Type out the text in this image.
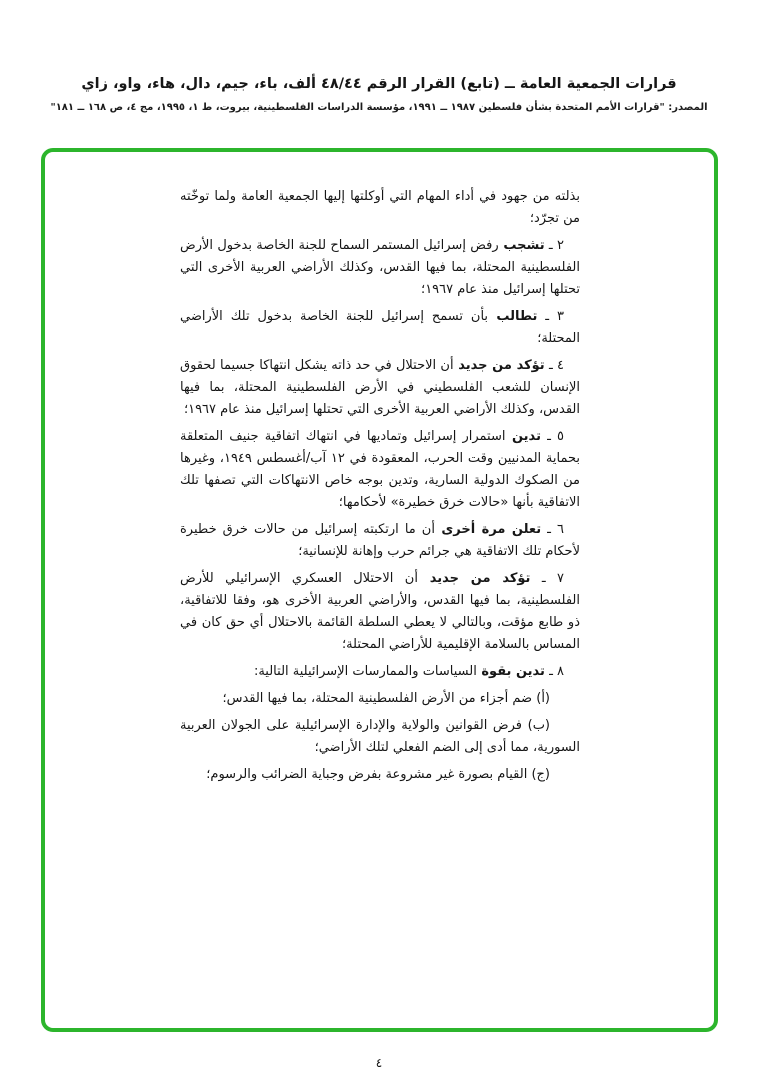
قرارات الجمعية العامة ــ (تابع) القرار الرقم ٤٨/٤٤ ألف، باء، جيم، دال، هاء، واو، زاي
المصدر: "قرارات الأمم المتحدة بشأن فلسطين ١٩٨٧ ــ ١٩٩١، مؤسسة الدراسات الفلسطينية، بيروت، ط ١، ١٩٩٥، مج ٤، ص ١٦٨ ــ ١٨١"

بذلته من جهود في أداء المهام التي أوكلتها إليها الجمعية العامة ولما توخّته من تجرّد؛

٢ ـ تشجب رفض إسرائيل المستمر السماح للجنة الخاصة بدخول الأرض الفلسطينية المحتلة، بما فيها القدس، وكذلك الأراضي العربية الأخرى التي تحتلها إسرائيل منذ عام ١٩٦٧؛

٣ ـ تطالب بأن تسمح إسرائيل للجنة الخاصة بدخول تلك الأراضي المحتلة؛

٤ ـ تؤكد من جديد أن الاحتلال في حد ذاته يشكل انتهاكا جسيما لحقوق الإنسان للشعب الفلسطيني في الأرض الفلسطينية المحتلة، بما فيها القدس، وكذلك الأراضي العربية الأخرى التي تحتلها إسرائيل منذ عام ١٩٦٧؛

٥ ـ تدين استمرار إسرائيل وتماديها في انتهاك اتفاقية جنيف المتعلقة بحماية المدنيين وقت الحرب، المعقودة في ١٢ آب/أغسطس ١٩٤٩، وغيرها من الصكوك الدولية السارية، وتدين بوجه خاص الانتهاكات التي تصفها تلك الاتفاقية بأنها «حالات خرق خطيرة» لأحكامها؛

٦ ـ تعلن مرة أخرى أن ما ارتكبته إسرائيل من حالات خرق خطيرة لأحكام تلك الاتفاقية هي جرائم حرب وإهانة للإنسانية؛

٧ ـ تؤكد من جديد أن الاحتلال العسكري الإسرائيلي للأرض الفلسطينية، بما فيها القدس، والأراضي العربية الأخرى هو، وفقا للاتفاقية، ذو طابع مؤقت، وبالتالي لا يعطي السلطة القائمة بالاحتلال أي حق كان في المساس بالسلامة الإقليمية للأراضي المحتلة؛

٨ ـ تدين بقوة السياسات والممارسات الإسرائيلية التالية:

(أ) ضم أجزاء من الأرض الفلسطينية المحتلة، بما فيها القدس؛

(ب) فرض القوانين والولاية والإدارة الإسرائيلية على الجولان العربية السورية، مما أدى إلى الضم الفعلي لتلك الأراضي؛

(ج) القيام بصورة غير مشروعة بفرض وجباية الضرائب والرسوم؛

٤
